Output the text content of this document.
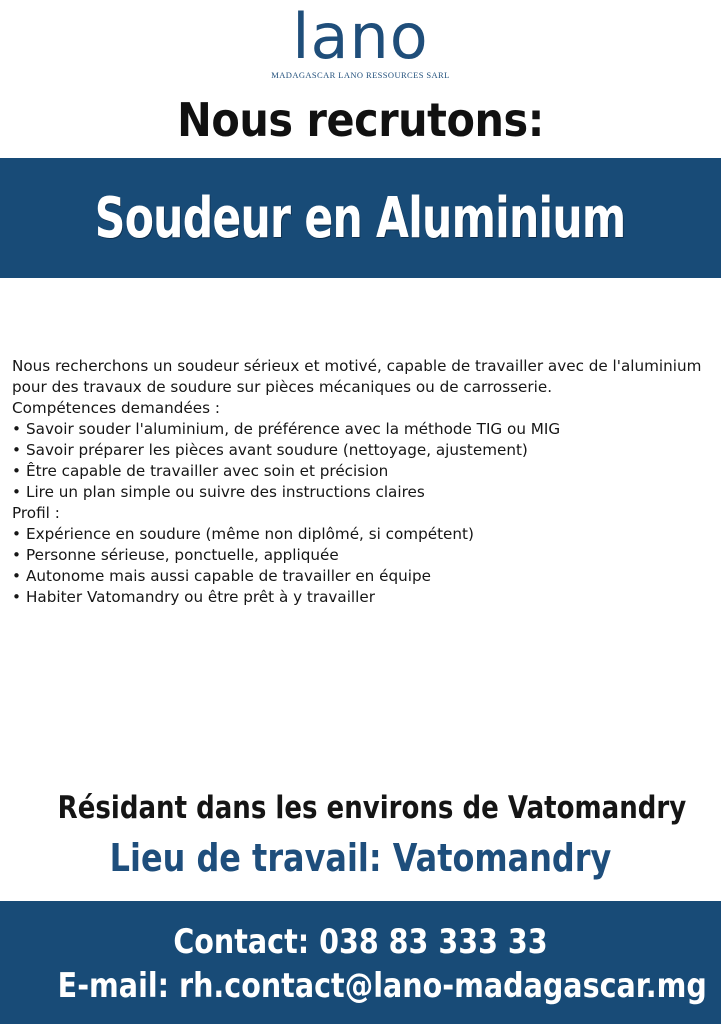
lano
MADAGASCAR LANO RESSOURCES SARL
Nous recrutons:
Soudeur en Aluminium

Nous recherchons un soudeur sérieux et motivé, capable de travailler avec de l'aluminium pour des travaux de soudure sur pièces mécaniques ou de carrosserie.

Compétences demandées :

• Savoir souder l'aluminium, de préférence avec la méthode TIG ou MIG
• Savoir préparer les pièces avant soudure (nettoyage, ajustement)
• Être capable de travailler avec soin et précision
• Lire un plan simple ou suivre des instructions claires

Profil :

• Expérience en soudure (même non diplômé, si compétent)
• Personne sérieuse, ponctuelle, appliquée
• Autonome mais aussi capable de travailler en équipe
• Habiter Vatomandry ou être prêt à y travailler
Résidant dans les environs de Vatomandry
Lieu de travail: Vatomandry
Contact: 038 83 333 33
E-mail: rh.contact@lano-madagascar.mg
